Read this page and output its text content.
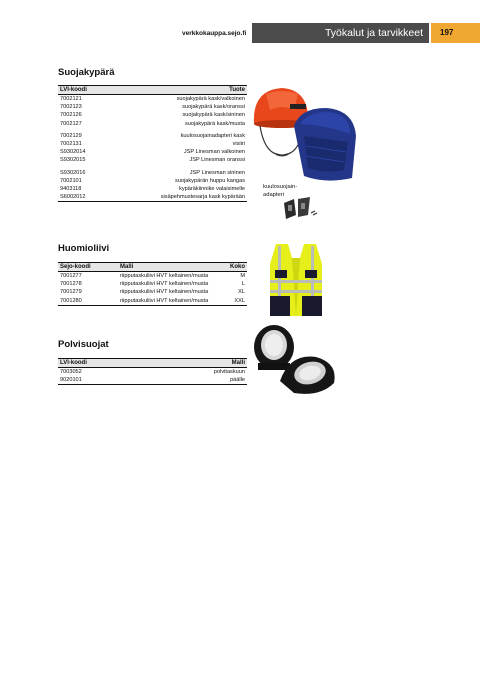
verkkokauppa.sejo.fi	Työkalut ja tarvikkeet	197
Suojakypärä
LVI-koodi	Tuote
7002121	suojakypärä kask/valkoinen
7002123	suojakypärä kask/oranssi
7002126	suojakypärä kask/sininen
7002127	suojakypärä kask/musta

7002129	kuulosuojainadapteri kask
7002131	visiiri
S9302014	JSP Linesman valkoinen
S9302015	JSP Linesman oranssi

S9302016	JSP Linesman sininen
7002101	suojakypärän huppu kangas
9403118	kypäräkiinnike valaisimelle
S6002012	sisäpehmustesarja kask kypärään
kuulosuojain-
adapteri
Huomioliivi
Sejo-koodi	Malli	Koko
7001277	riipputaskuliivi HVT keltainen/musta	M
7001278	riipputaskuliivi HVT keltainen/musta	L
7001279	riipputaskuliivi HVT keltainen/musta	XL
7001280	riipputaskuliivi HVT keltainen/musta	XXL
Polvisuojat
LVI-koodi	Malli
7003052	polvitaskuun
9020101	päälle
